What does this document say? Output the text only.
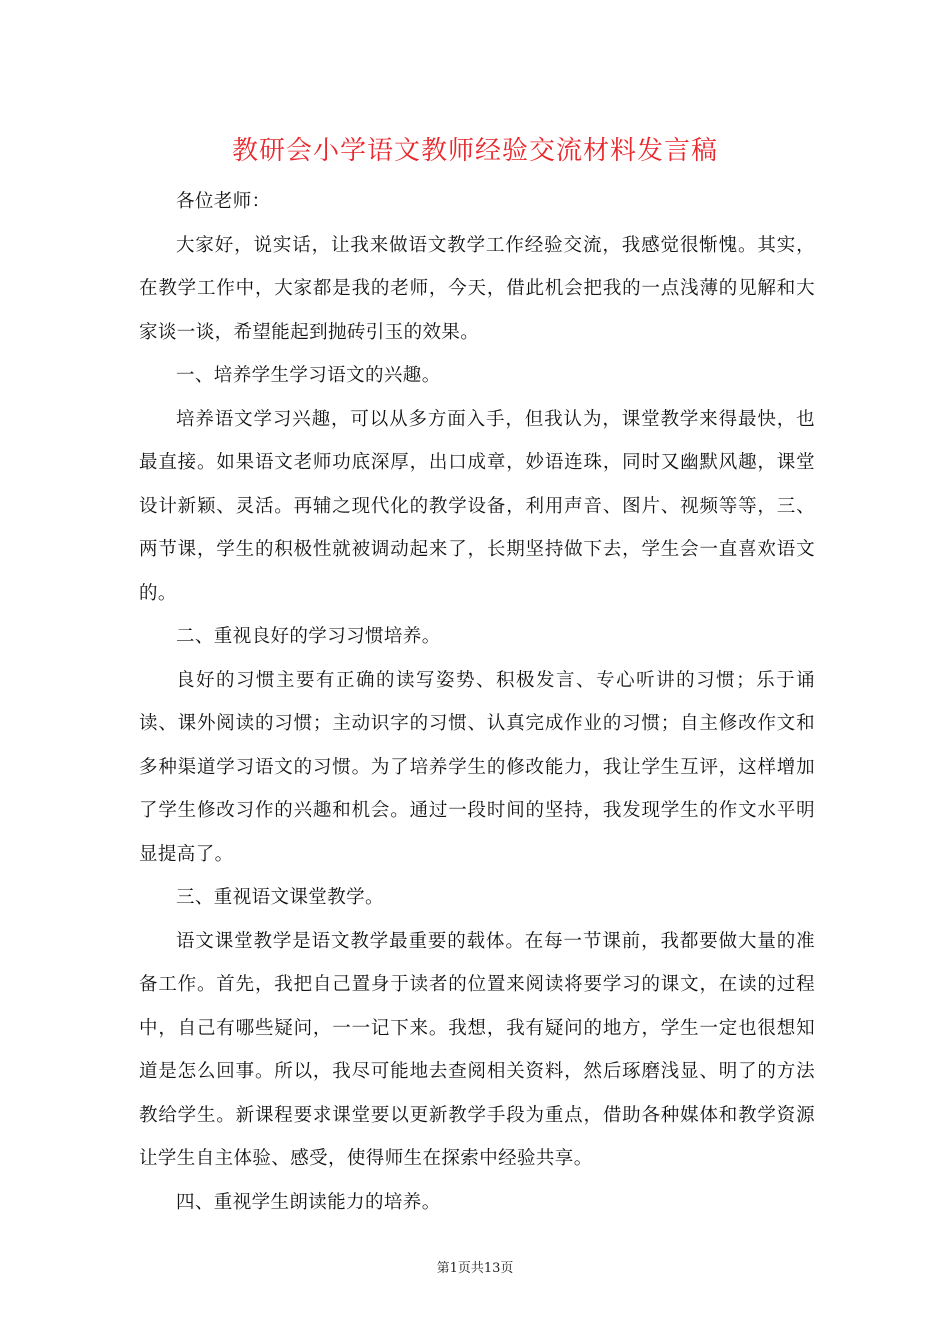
教研会小学语文教师经验交流材料发言稿

各位老师：

大家好，说实话，让我来做语文教学工作经验交流，我感觉很惭愧。其实，在教学工作中，大家都是我的老师，今天，借此机会把我的一点浅薄的见解和大家谈一谈，希望能起到抛砖引玉的效果。

一、培养学生学习语文的兴趣。

培养语文学习兴趣，可以从多方面入手，但我认为，课堂教学来得最快，也最直接。如果语文老师功底深厚，出口成章，妙语连珠，同时又幽默风趣，课堂设计新颖、灵活。再辅之现代化的教学设备，利用声音、图片、视频等等，三、两节课，学生的积极性就被调动起来了，长期坚持做下去，学生会一直喜欢语文的。

二、重视良好的学习习惯培养。

良好的习惯主要有正确的读写姿势、积极发言、专心听讲的习惯；乐于诵读、课外阅读的习惯；主动识字的习惯、认真完成作业的习惯；自主修改作文和多种渠道学习语文的习惯。为了培养学生的修改能力，我让学生互评，这样增加了学生修改习作的兴趣和机会。通过一段时间的坚持，我发现学生的作文水平明显提高了。

三、重视语文课堂教学。

语文课堂教学是语文教学最重要的载体。在每一节课前，我都要做大量的准备工作。首先，我把自己置身于读者的位置来阅读将要学习的课文，在读的过程中，自己有哪些疑问，一一记下来。我想，我有疑问的地方，学生一定也很想知道是怎么回事。所以，我尽可能地去查阅相关资料，然后琢磨浅显、明了的方法教给学生。新课程要求课堂要以更新教学手段为重点，借助各种媒体和教学资源让学生自主体验、感受，使得师生在探索中经验共享。

四、重视学生朗读能力的培养。

第1页共13页
